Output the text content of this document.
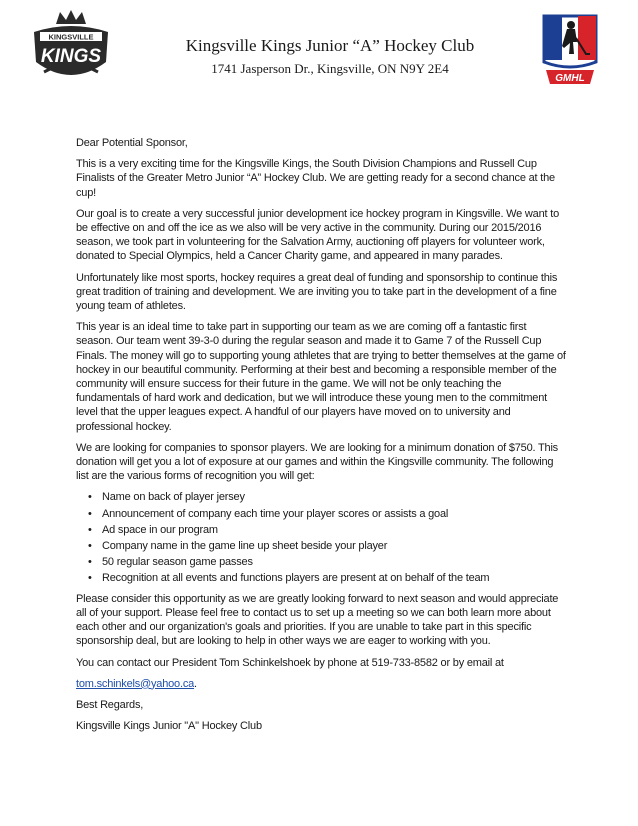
KINGSVILLE
KINGS
Kingsville Kings Junior “A” Hockey Club
1741 Jasperson Dr., Kingsville, ON N9Y 2E4
GMHL

Dear Potential Sponsor,

This is a very exciting time for the Kingsville Kings, the South Division Champions and Russell Cup Finalists of the Greater Metro Junior “A” Hockey Club. We are getting ready for a second chance at the cup!

Our goal is to create a very successful junior development ice hockey program in Kingsville. We want to be effective on and off the ice as we also will be very active in the community. During our 2015/2016 season, we took part in volunteering for the Salvation Army, auctioning off players for volunteer work, donated to Special Olympics, held a Cancer Charity game, and appeared in many parades.

Unfortunately like most sports, hockey requires a great deal of funding and sponsorship to continue this great tradition of training and development. We are inviting you to take part in the development of a fine young team of athletes.

This year is an ideal time to take part in supporting our team as we are coming off a fantastic first season. Our team went 39-3-0 during the regular season and made it to Game 7 of the Russell Cup Finals. The money will go to supporting young athletes that are trying to better themselves at the game of hockey in our beautiful community. Performing at their best and becoming a responsible member of the community will ensure success for their future in the game. We will not be only teaching the fundamentals of hard work and dedication, but we will introduce these young men to the commitment level that the upper leagues expect. A handful of our players have moved on to university and professional hockey.

We are looking for companies to sponsor players. We are looking for a minimum donation of $750. This donation will get you a lot of exposure at our games and within the Kingsville community. The following list are the various forms of recognition you will get:

• Name on back of player jersey
• Announcement of company each time your player scores or assists a goal
• Ad space in our program
• Company name in the game line up sheet beside your player
• 50 regular season game passes
• Recognition at all events and functions players are present at on behalf of the team

Please consider this opportunity as we are greatly looking forward to next season and would appreciate all of your support. Please feel free to contact us to set up a meeting so we can both learn more about each other and our organization's goals and priorities. If you are unable to take part in this specific sponsorship deal, but are looking to help in other ways we are eager to working with you.

You can contact our President Tom Schinkelshoek by phone at 519-733-8582 or by email at

tom.schinkels@yahoo.ca.

Best Regards,

Kingsville Kings Junior "A" Hockey Club
